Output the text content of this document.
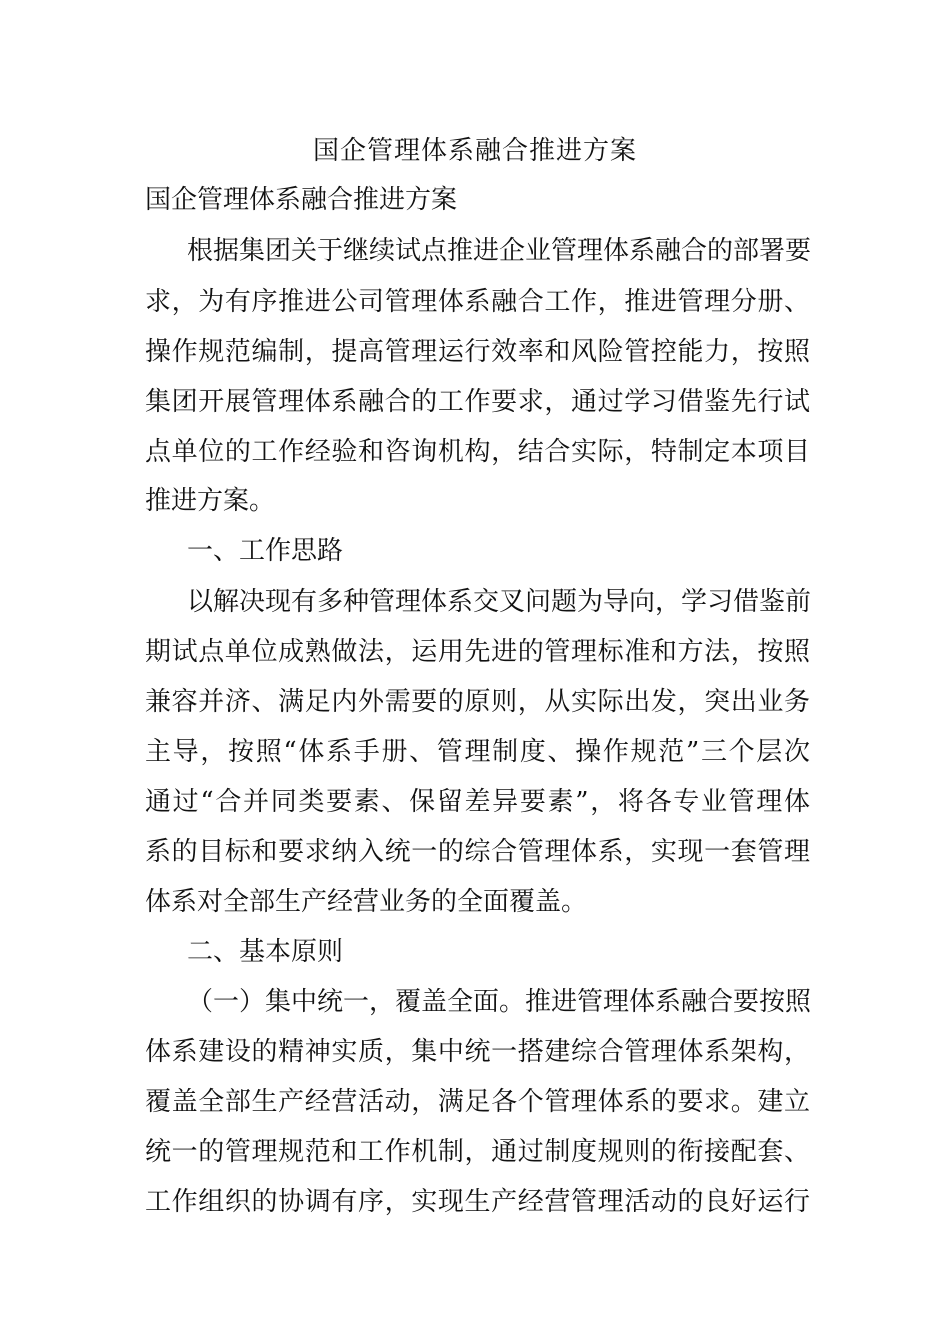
国企管理体系融合推进方案
国企管理体系融合推进方案
根据集团关于继续试点推进企业管理体系融合的部署要
求，为有序推进公司管理体系融合工作，推进管理分册、
操作规范编制，提高管理运行效率和风险管控能力，按照
集团开展管理体系融合的工作要求，通过学习借鉴先行试
点单位的工作经验和咨询机构，结合实际，特制定本项目
推进方案。
一、工作思路
以解决现有多种管理体系交叉问题为导向，学习借鉴前
期试点单位成熟做法，运用先进的管理标准和方法，按照
兼容并济、满足内外需要的原则，从实际出发，突出业务
主导，按照“体系手册、管理制度、操作规范”三个层次
通过“合并同类要素、保留差异要素”，将各专业管理体
系的目标和要求纳入统一的综合管理体系，实现一套管理
体系对全部生产经营业务的全面覆盖。
二、基本原则
（一）集中统一，覆盖全面。推进管理体系融合要按照
体系建设的精神实质，集中统一搭建综合管理体系架构，
覆盖全部生产经营活动，满足各个管理体系的要求。建立
统一的管理规范和工作机制，通过制度规则的衔接配套、
工作组织的协调有序，实现生产经营管理活动的良好运行
